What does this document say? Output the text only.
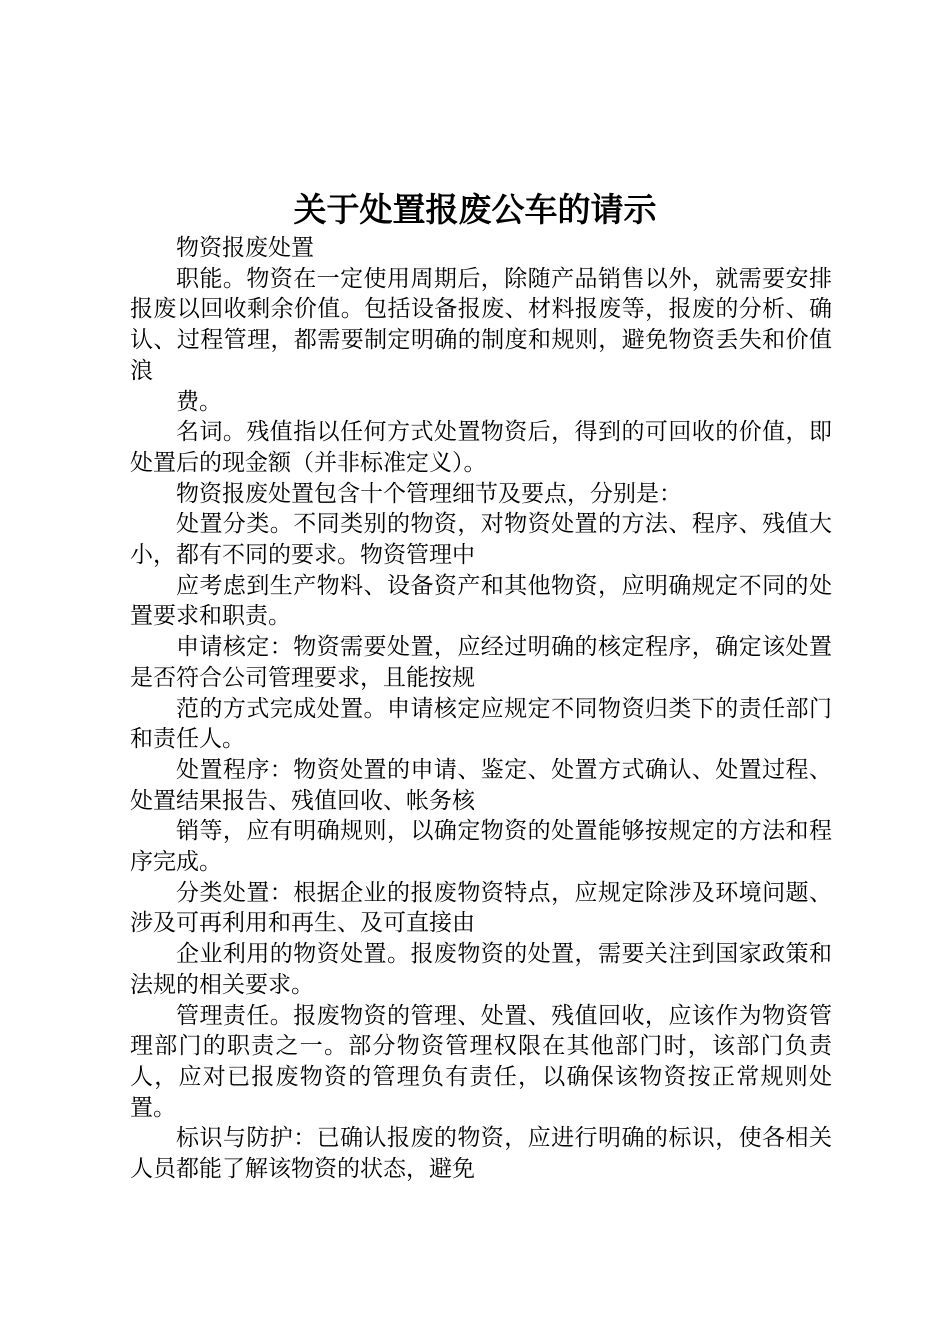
关于处置报废公车的请示

物资报废处置

职能。物资在一定使用周期后，除随产品销售以外，就需要安排报废以回收剩余价值。包括设备报废、材料报废等，报废的分析、确认、过程管理，都需要制定明确的制度和规则，避免物资丢失和价值浪

费。

名词。残值指以任何方式处置物资后，得到的可回收的价值，即处置后的现金额（并非标准定义）。

物资报废处置包含十个管理细节及要点，分别是：

处置分类。不同类别的物资，对物资处置的方法、程序、残值大小，都有不同的要求。物资管理中

应考虑到生产物料、设备资产和其他物资，应明确规定不同的处置要求和职责。

申请核定：物资需要处置，应经过明确的核定程序，确定该处置是否符合公司管理要求，且能按规

范的方式完成处置。申请核定应规定不同物资归类下的责任部门和责任人。

处置程序：物资处置的申请、鉴定、处置方式确认、处置过程、处置结果报告、残值回收、帐务核

销等，应有明确规则，以确定物资的处置能够按规定的方法和程序完成。

分类处置：根据企业的报废物资特点，应规定除涉及环境问题、涉及可再利用和再生、及可直接由

企业利用的物资处置。报废物资的处置，需要关注到国家政策和法规的相关要求。

管理责任。报废物资的管理、处置、残值回收，应该作为物资管理部门的职责之一。部分物资管理权限在其他部门时，该部门负责人，应对已报废物资的管理负有责任，以确保该物资按正常规则处置。

标识与防护：已确认报废的物资，应进行明确的标识，使各相关人员都能了解该物资的状态，避免
